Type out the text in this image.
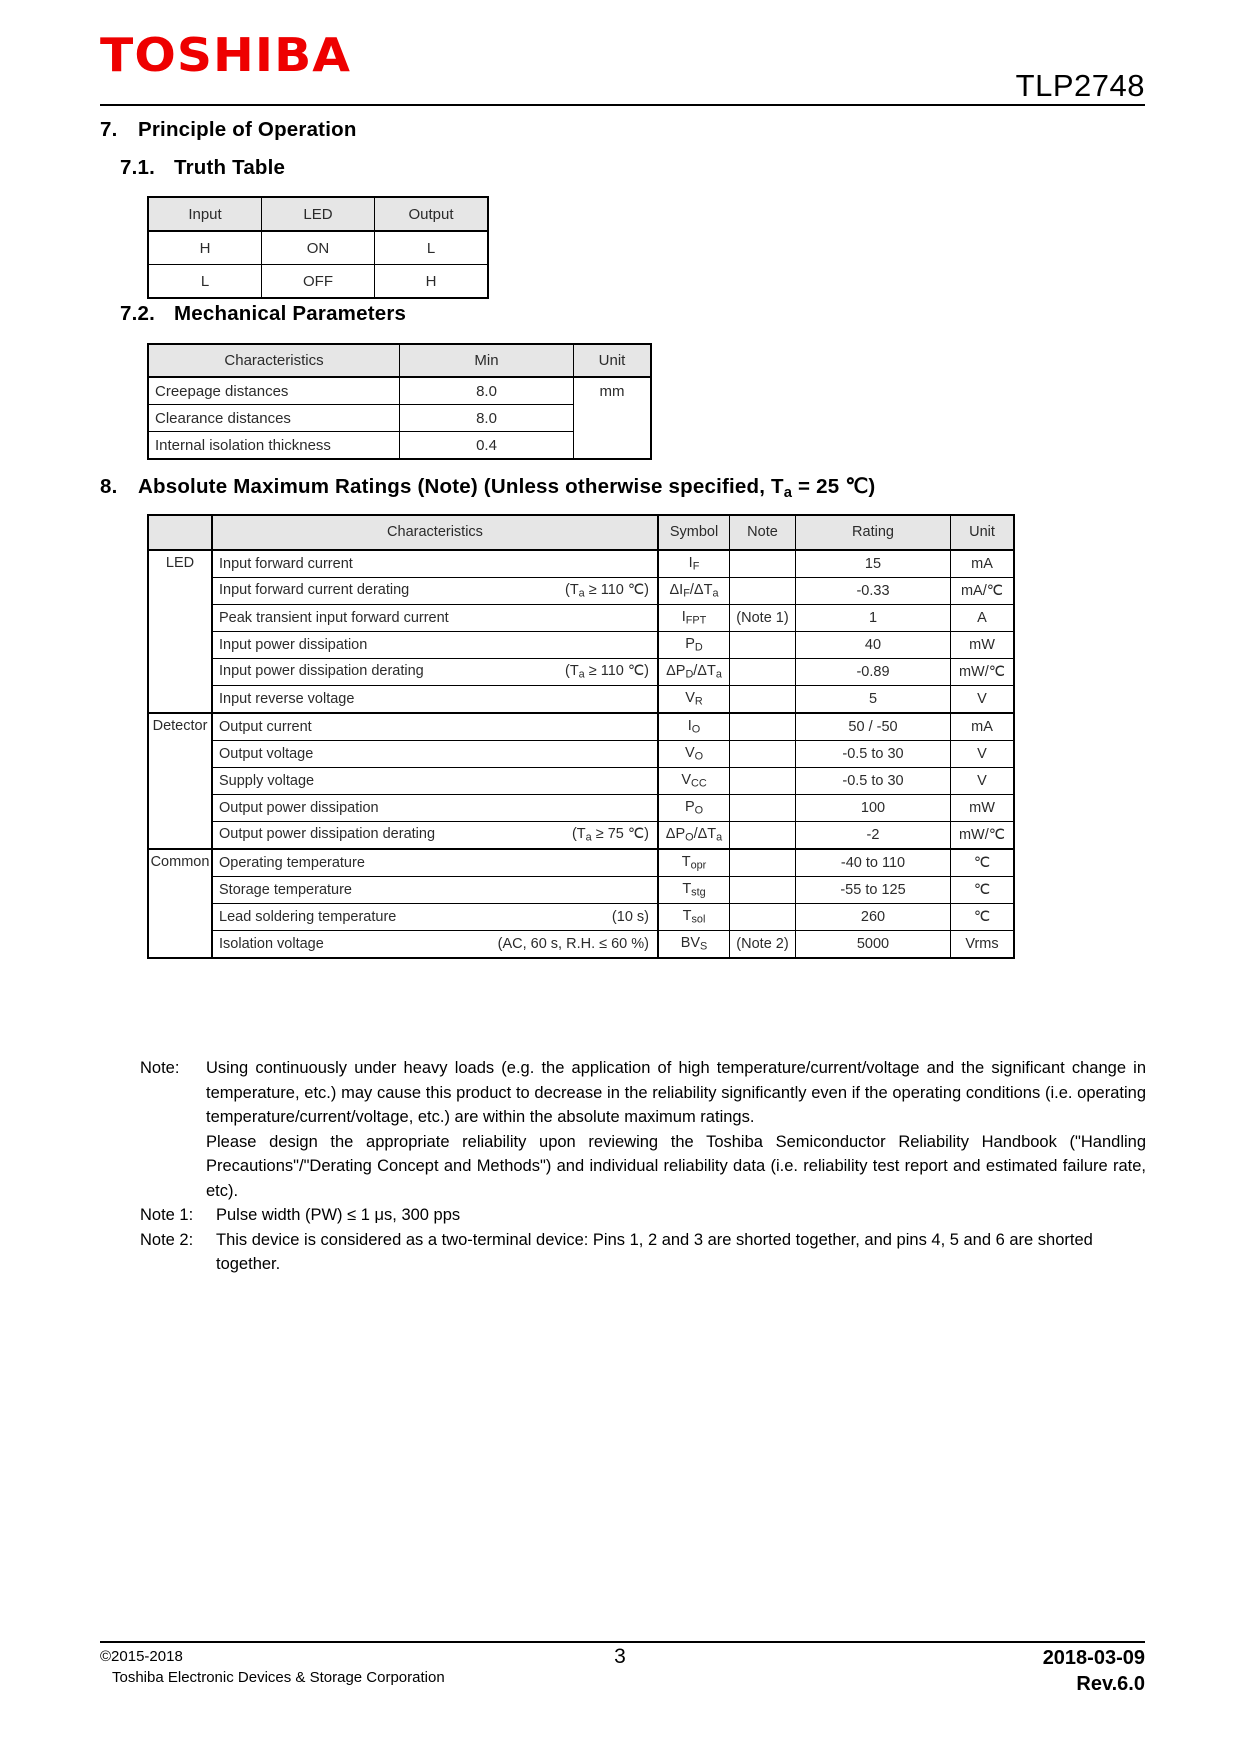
TOSHIBA
TLP2748
7. Principle of Operation
7.1. Truth Table
Input	LED	Output
H	ON	L
L	OFF	H
7.2. Mechanical Parameters
Characteristics	Min	Unit
Creepage distances	8.0	mm
Clearance distances	8.0	
Internal isolation thickness	0.4	
8. Absolute Maximum Ratings (Note) (Unless otherwise specified, $T_a = 25$ ℃)
	Characteristics	Symbol	Note	Rating	Unit
LED	Input forward current	$I_F$		15	mA

	Input forward current derating ($T_a \ge 110$ ℃)	$\Delta I_F/\Delta T_a$		-0.33	mA/℃

	Peak transient input forward current	$I_{FPT}$	(Note 1)	1	A

	Input power dissipation	$P_D$		40	mW

	Input power dissipation derating ($T_a \ge 110$ ℃)	$\Delta P_D/\Delta T_a$		-0.89	mW/℃

	Input reverse voltage	$V_R$		5	V
Detector	Output current	$I_O$		50 / -50	mA

	Output voltage	$V_O$		-0.5 to 30	V

	Supply voltage	$V_{CC}$		-0.5 to 30	V

	Output power dissipation	$P_O$		100	mW

	Output power dissipation derating ($T_a \ge 75$ ℃)	$\Delta P_O/\Delta T_a$		-2	mW/℃
Common	Operating temperature	$T_{opr}$		-40 to 110	℃

	Storage temperature	$T_{stg}$		-55 to 125	℃

	Lead soldering temperature (10 s)	$T_{sol}$		260	℃

	Isolation voltage (AC, 60 s, R.H. ≤ 60 %)	$BV_S$	(Note 2)	5000	Vrms
Note:	Using continuously under heavy loads (e.g. the application of high temperature/current/voltage and the significant change in temperature, etc.) may cause this product to decrease in the reliability significantly even if the operating conditions (i.e. operating temperature/current/voltage, etc.) are within the absolute maximum ratings.
Please design the appropriate reliability upon reviewing the Toshiba Semiconductor Reliability Handbook ("Handling Precautions"/"Derating Concept and Methods") and individual reliability data (i.e. reliability test report and estimated failure rate, etc).
Note 1:	Pulse width (PW) ≤ 1 μs, 300 pps
Note 2:	This device is considered as a two-terminal device: Pins 1, 2 and 3 are shorted together, and pins 4, 5 and 6 are shorted together.
©2015-2018
Toshiba Electronic Devices & Storage Corporation
3	2018-03-09
Rev.6.0
